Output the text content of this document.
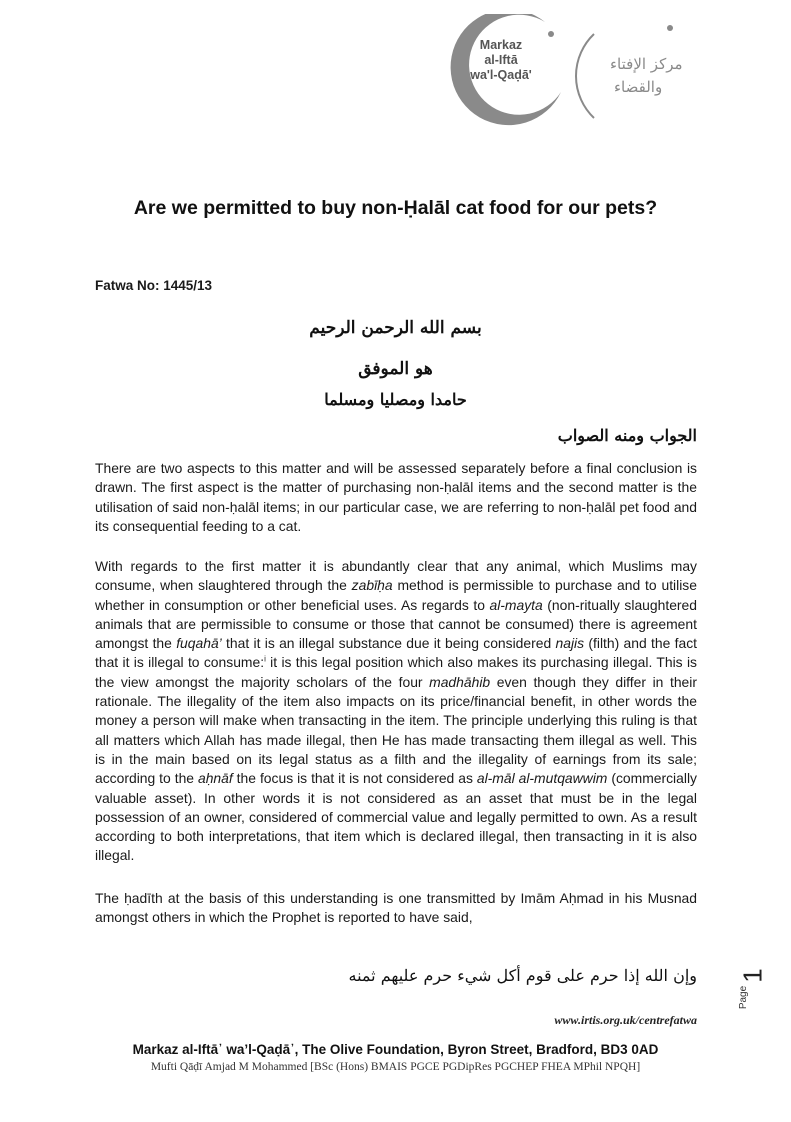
Markaz
al-Iftā
wa'l-Qaḍā'
مركز الإفتاء
والقضاء
Are we permitted to buy non-Ḥalāl cat food for our pets?
Fatwa No: 1445/13
بسم الله الرحمن الرحيم
هو الموفق
حامدا ومصليا ومسلما
الجواب ومنه الصواب
There are two aspects to this matter and will be assessed separately before a final conclusion is drawn. The first aspect is the matter of purchasing non-ḥalāl items and the second matter is the utilisation of said non-ḥalāl items; in our particular case, we are referring to non-ḥalāl pet food and its consequential feeding to a cat.
With regards to the first matter it is abundantly clear that any animal, which Muslims may consume, when slaughtered through the zabīḥa method is permissible to purchase and to utilise whether in consumption or other beneficial uses. As regards to al-mayta (non-ritually slaughtered animals that are permissible to consume or those that cannot be consumed) there is agreement amongst the fuqahā’ that it is an illegal substance due it being considered najis (filth) and the fact that it is illegal to consume:$^i$ it is this legal position which also makes its purchasing illegal. This is the view amongst the majority scholars of the four madhāhib even though they differ in their rationale. The illegality of the item also impacts on its price/financial benefit, in other words the money a person will make when transacting in the item. The principle underlying this ruling is that all matters which Allah has made illegal, then He has made transacting them illegal as well. This is in the main based on its legal status as a filth and the illegality of earnings from its sale; according to the aḥnāf the focus is that it is not considered as al-māl al-mutqawwim (commercially valuable asset). In other words it is not considered as an asset that must be in the legal possession of an owner, considered of commercial value and legally permitted to own. As a result according to both interpretations, that item which is declared illegal, then transacting in it is also illegal.
The ḥadīth at the basis of this understanding is one transmitted by Imām Aḥmad in his Musnad amongst others in which the Prophet is reported to have said,
وإن الله إذا حرم على قوم أكل شيء حرم عليهم ثمنه 1
Page
www.irtis.org.uk/centrefatwa
Markaz al-Iftā᾽ wa’l-Qaḍā᾽, The Olive Foundation, Byron Street, Bradford, BD3 0AD
Mufti Qāḍī Amjad M Mohammed [BSc (Hons) BMAIS PGCE PGDipRes PGCHEP FHEA MPhil NPQH]
